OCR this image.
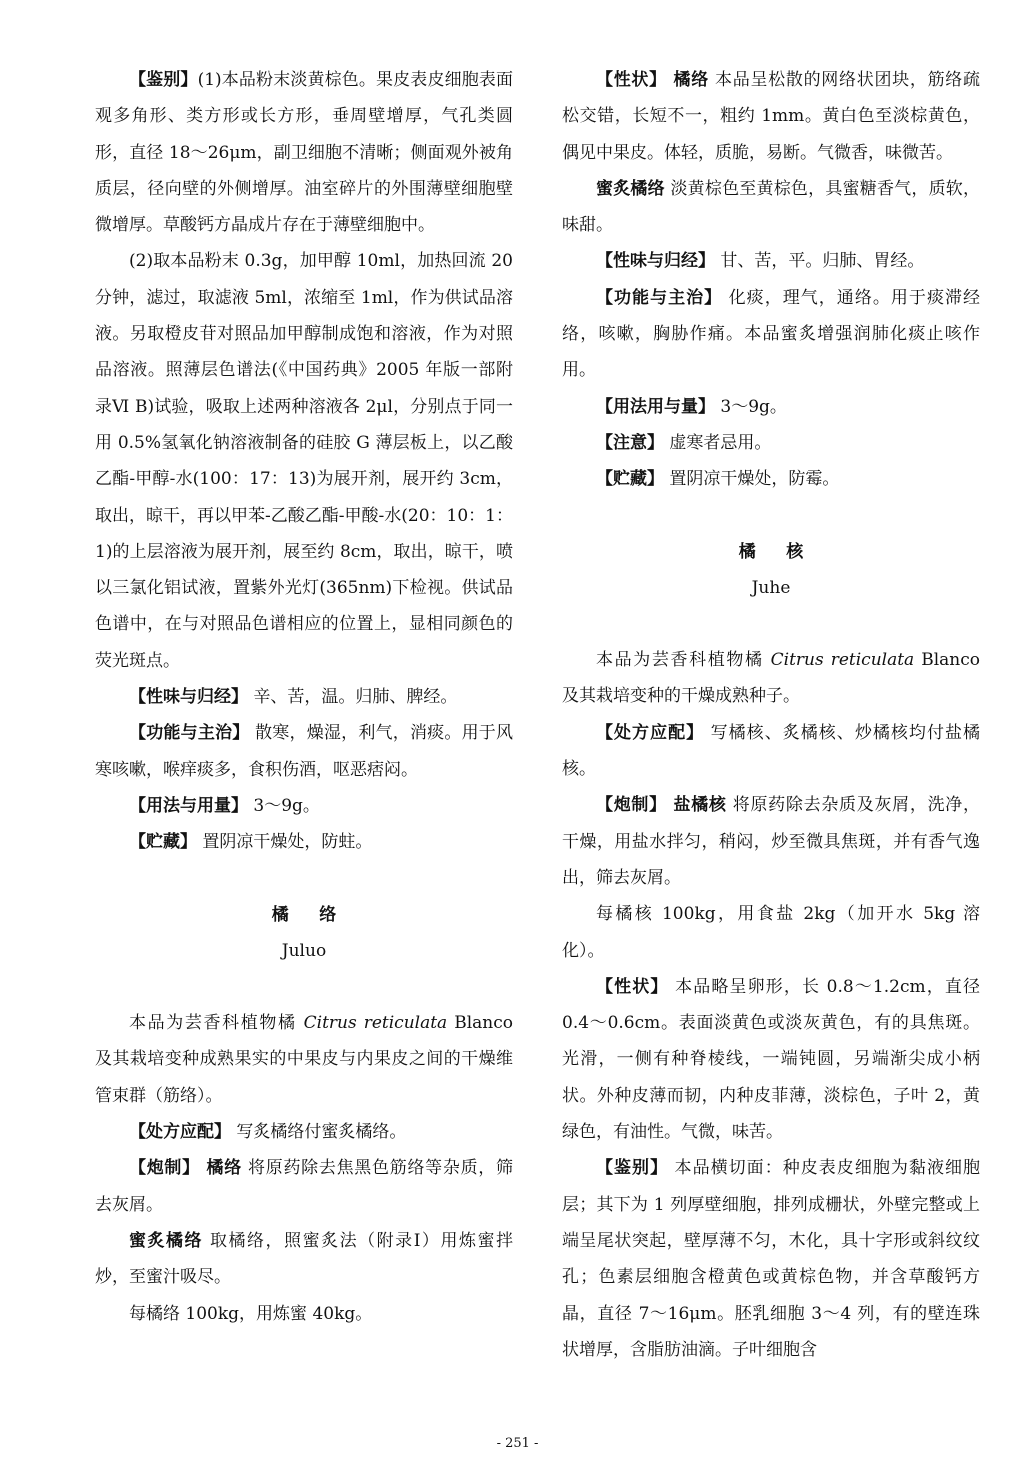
【鉴别】(1)本品粉末淡黄棕色。果皮表皮细胞表面观多角形、类方形或长方形，垂周壁增厚，气孔类圆形，直径 18～26μm，副卫细胞不清晰；侧面观外被角质层，径向壁的外侧增厚。油室碎片的外围薄壁细胞壁微增厚。草酸钙方晶成片存在于薄壁细胞中。

(2)取本品粉末 0.3g，加甲醇 10ml，加热回流 20 分钟，滤过，取滤液 5ml，浓缩至 1ml，作为供试品溶液。另取橙皮苷对照品加甲醇制成饱和溶液，作为对照品溶液。照薄层色谱法(《中国药典》2005 年版一部附录Ⅵ B)试验，吸取上述两种溶液各 2μl，分别点于同一用 0.5%氢氧化钠溶液制备的硅胶 G 薄层板上，以乙酸乙酯-甲醇-水(100：17：13)为展开剂，展开约 3cm，取出，晾干，再以甲苯-乙酸乙酯-甲酸-水(20：10：1：1)的上层溶液为展开剂，展至约 8cm，取出，晾干，喷以三氯化铝试液，置紫外光灯(365nm)下检视。供试品色谱中，在与对照品色谱相应的位置上，显相同颜色的荧光斑点。

【性味与归经】 辛、苦，温。归肺、脾经。

【功能与主治】 散寒，燥湿，利气，消痰。用于风寒咳嗽，喉痒痰多，食积伤酒，呕恶痞闷。

【用法与用量】 3～9g。

【贮藏】 置阴凉干燥处，防蛀。

橘络

Juluo

本品为芸香科植物橘 Citrus reticulata Blanco 及其栽培变种成熟果实的中果皮与内果皮之间的干燥维管束群（筋络）。

【处方应配】 写炙橘络付蜜炙橘络。

【炮制】 橘络 将原药除去焦黑色筋络等杂质，筛去灰屑。

蜜炙橘络 取橘络，照蜜炙法（附录Ⅰ）用炼蜜拌炒，至蜜汁吸尽。

每橘络 100kg，用炼蜜 40kg。

【性状】 橘络 本品呈松散的网络状团块，筋络疏松交错，长短不一，粗约 1mm。黄白色至淡棕黄色，偶见中果皮。体轻，质脆，易断。气微香，味微苦。

蜜炙橘络 淡黄棕色至黄棕色，具蜜糖香气，质软，味甜。

【性味与归经】 甘、苦，平。归肺、胃经。

【功能与主治】 化痰，理气，通络。用于痰滞经络，咳嗽，胸胁作痛。本品蜜炙增强润肺化痰止咳作用。

【用法用与量】 3～9g。

【注意】 虚寒者忌用。

【贮藏】 置阴凉干燥处，防霉。

橘核

Juhe

本品为芸香科植物橘 Citrus reticulata Blanco 及其栽培变种的干燥成熟种子。

【处方应配】 写橘核、炙橘核、炒橘核均付盐橘核。

【炮制】 盐橘核 将原药除去杂质及灰屑，洗净，干燥，用盐水拌匀，稍闷，炒至微具焦斑，并有香气逸出，筛去灰屑。

每橘核 100kg，用食盐 2kg（加开水 5kg 溶化）。

【性状】 本品略呈卵形，长 0.8～1.2cm，直径 0.4～0.6cm。表面淡黄色或淡灰黄色，有的具焦斑。光滑，一侧有种脊棱线，一端钝圆，另端渐尖成小柄状。外种皮薄而韧，内种皮菲薄，淡棕色，子叶 2，黄绿色，有油性。气微，味苦。

【鉴别】 本品横切面：种皮表皮细胞为黏液细胞层；其下为 1 列厚壁细胞，排列成栅状，外壁完整或上端呈尾状突起，壁厚薄不匀，木化，具十字形或斜纹纹孔；色素层细胞含橙黄色或黄棕色物，并含草酸钙方晶，直径 7～16μm。胚乳细胞 3～4 列，有的壁连珠状增厚，含脂肪油滴。子叶细胞含

- 251 -
